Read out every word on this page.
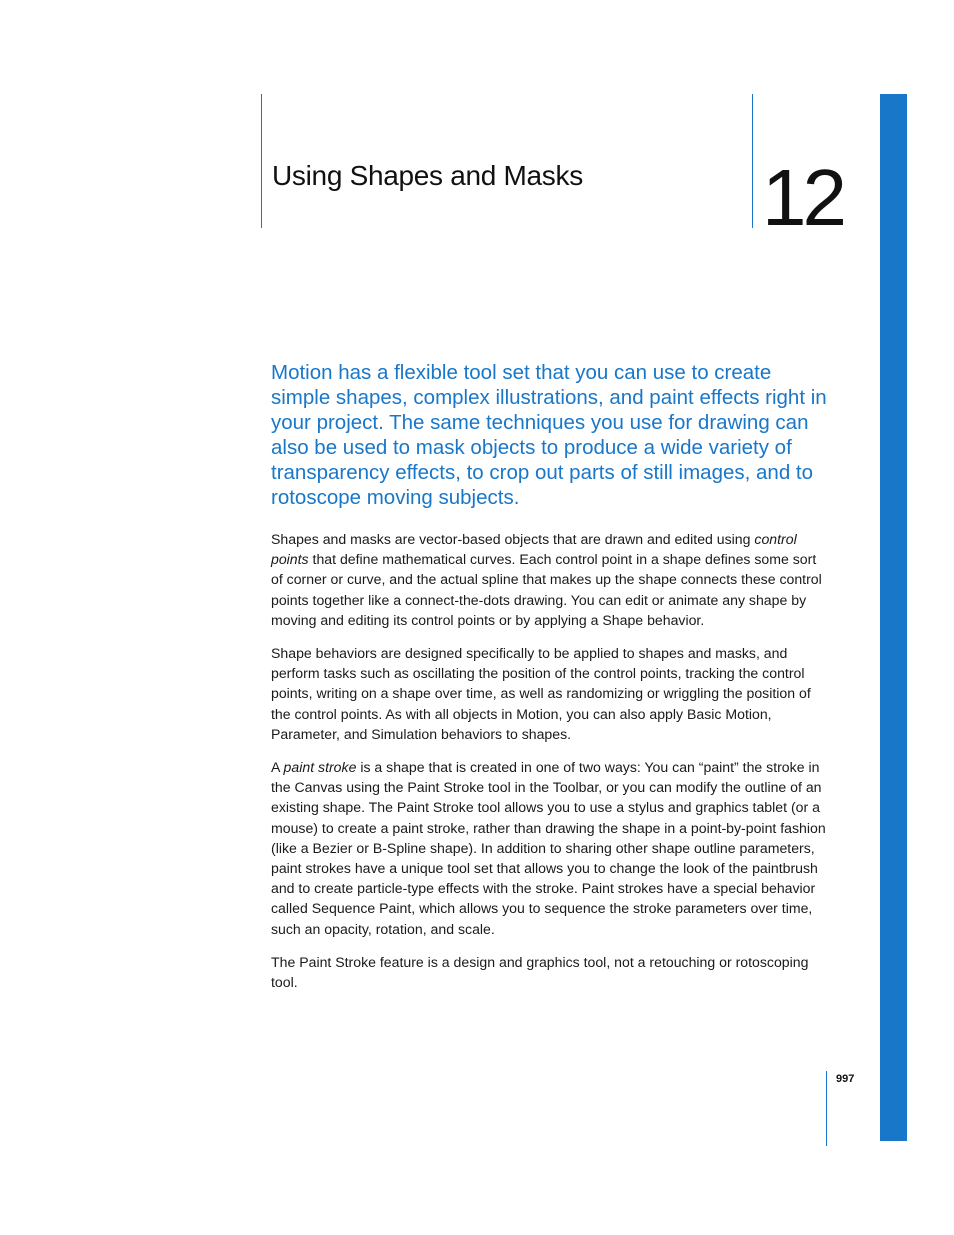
Using Shapes and Masks 12

Motion has a flexible tool set that you can use to create simple shapes, complex illustrations, and paint effects right in your project. The same techniques you use for drawing can also be used to mask objects to produce a wide variety of transparency effects, to crop out parts of still images, and to rotoscope moving subjects.

Shapes and masks are vector-based objects that are drawn and edited using control points that define mathematical curves. Each control point in a shape defines some sort of corner or curve, and the actual spline that makes up the shape connects these control points together like a connect-the-dots drawing. You can edit or animate any shape by moving and editing its control points or by applying a Shape behavior.

Shape behaviors are designed specifically to be applied to shapes and masks, and perform tasks such as oscillating the position of the control points, tracking the control points, writing on a shape over time, as well as randomizing or wriggling the position of the control points. As with all objects in Motion, you can also apply Basic Motion, Parameter, and Simulation behaviors to shapes.

A paint stroke is a shape that is created in one of two ways: You can “paint” the stroke in the Canvas using the Paint Stroke tool in the Toolbar, or you can modify the outline of an existing shape. The Paint Stroke tool allows you to use a stylus and graphics tablet (or a mouse) to create a paint stroke, rather than drawing the shape in a point-by-point fashion (like a Bezier or B-Spline shape). In addition to sharing other shape outline parameters, paint strokes have a unique tool set that allows you to change the look of the paintbrush and to create particle-type effects with the stroke. Paint strokes have a special behavior called Sequence Paint, which allows you to sequence the stroke parameters over time, such an opacity, rotation, and scale.

The Paint Stroke feature is a design and graphics tool, not a retouching or rotoscoping tool.

997
